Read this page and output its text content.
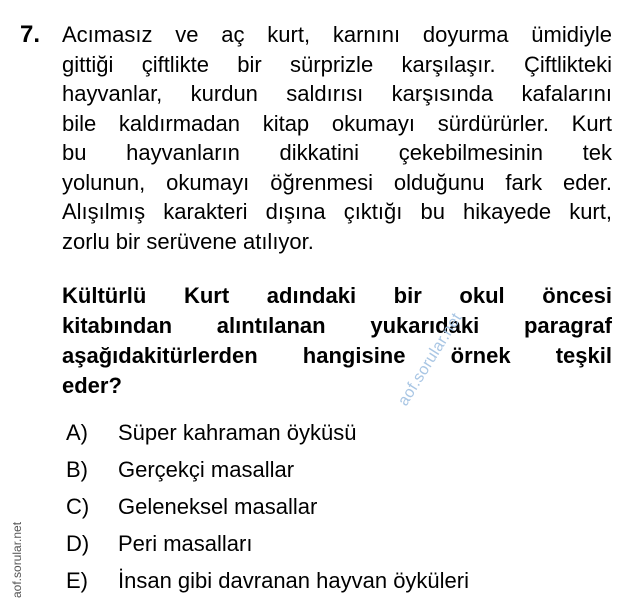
7. Acımasız ve aç kurt, karnını doyurma ümidiyle
gittiği çiftlikte bir sürprizle karşılaşır. Çiftlikteki
hayvanlar, kurdun saldırısı karşısında kafalarını
bile kaldırmadan kitap okumayı sürdürürler. Kurt
bu hayvanların dikkatini çekebilmesinin tek
yolunun, okumayı öğrenmesi olduğunu fark eder.
Alışılmış karakteri dışına çıktığı bu hikayede kurt,
zorlu bir serüvene atılıyor.
Kültürlü Kurt adındaki bir okul öncesi
kitabından alıntılanan yukarıdaki paragraf
aşağıdakitürlerden hangisine örnek teşkil
eder?
A)	Süper kahraman öyküsü
B)	Gerçekçi masallar
C)	Geleneksel masallar
D)	Peri masalları
E)	İnsan gibi davranan hayvan öyküleri
aof.sorular.net
aof.sorular.net
